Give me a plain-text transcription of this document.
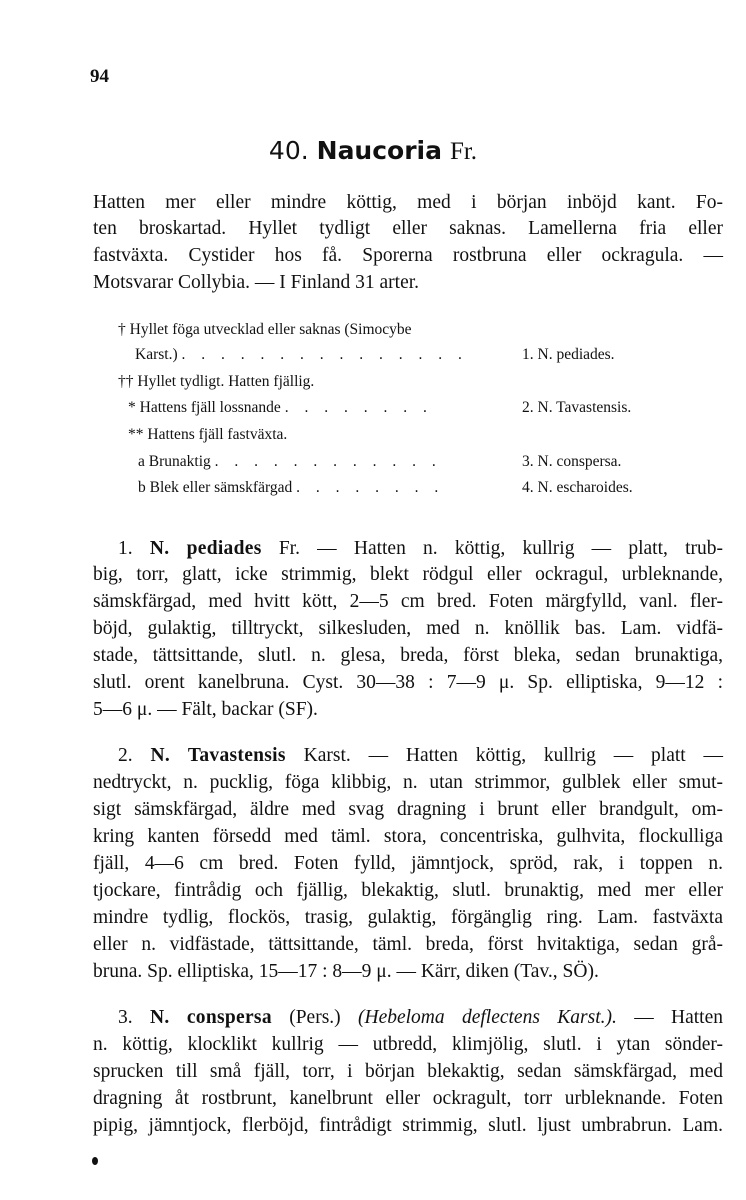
94
40. Naucoria Fr.
Hatten mer eller mindre köttig, med i början inböjd kant. Fo-
ten broskartad. Hyllet tydligt eller saknas. Lamellerna fria eller
fastväxta. Cystider hos få. Sporerna rostbruna eller ockragula. —
Motsvarar Collybia. — I Finland 31 arter.
† Hyllet föga utvecklad eller saknas (Simocybe
Karst.) . . . . . . . . . . . . . . .	1. N. pediades.
†† Hyllet tydligt. Hatten fjällig.
* Hattens fjäll lossnande . . . . . . . .	2. N. Tavastensis.
** Hattens fjäll fastväxta.
a Brunaktig . . . . . . . . . . . .	3. N. conspersa.
b Blek eller sämskfärgad . . . . . . . .	4. N. escharoides.
1. N. pediades Fr. — Hatten n. köttig, kullrig — platt, trub-
big, torr, glatt, icke strimmig, blekt rödgul eller ockragul, urbleknande,
sämskfärgad, med hvitt kött, 2—5 cm bred. Foten märgfylld, vanl. fler-
böjd, gulaktig, tilltryckt, silkesluden, med n. knöllik bas. Lam. vidfä-
stade, tättsittande, slutl. n. glesa, breda, först bleka, sedan brunaktiga,
slutl. orent kanelbruna. Cyst. 30—38 : 7—9 μ. Sp. elliptiska, 9—12 :
5—6 μ. — Fält, backar (SF).
2. N. Tavastensis Karst. — Hatten köttig, kullrig — platt —
nedtryckt, n. pucklig, föga klibbig, n. utan strimmor, gulblek eller smut-
sigt sämskfärgad, äldre med svag dragning i brunt eller brandgult, om-
kring kanten försedd med täml. stora, concentriska, gulhvita, flockulliga
fjäll, 4—6 cm bred. Foten fylld, jämntjock, spröd, rak, i toppen n.
tjockare, fintrådig och fjällig, blekaktig, slutl. brunaktig, med mer eller
mindre tydlig, flockös, trasig, gulaktig, förgänglig ring. Lam. fastväxta
eller n. vidfästade, tättsittande, täml. breda, först hvitaktiga, sedan grå-
bruna. Sp. elliptiska, 15—17 : 8—9 μ. — Kärr, diken (Tav., SÖ).
3. N. conspersa (Pers.) (Hebeloma deflectens Karst.). — Hatten
n. köttig, klocklikt kullrig — utbredd, klimjölig, slutl. i ytan sönder-
sprucken till små fjäll, torr, i början blekaktig, sedan sämskfärgad, med
dragning åt rostbrunt, kanelbrunt eller ockragult, torr urbleknande. Foten
pipig, jämntjock, flerböjd, fintrådigt strimmig, slutl. ljust umbrabrun. Lam.
